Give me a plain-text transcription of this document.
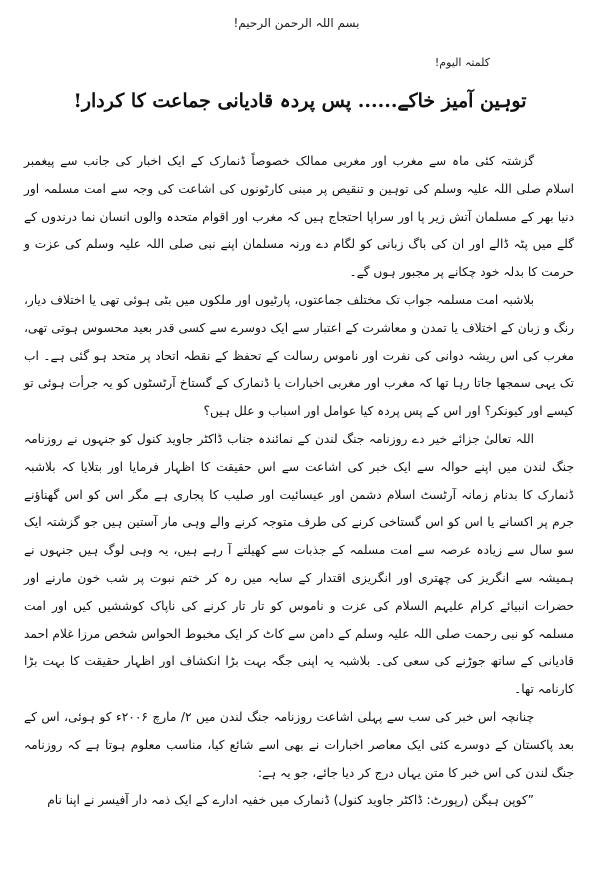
بسم اللہ الرحمن الرحیم!
کلمتہ الیوم!
توہین آمیز خاکے...... پس پردہ قادیانی جماعت کا کردار!

گزشتہ کئی ماہ سے مغرب اور مغربی ممالک خصوصاً ڈنمارک کے ایک اخبار کی جانب سے پیغمبر اسلام صلی اللہ علیہ وسلم کی توہین و تنقیص پر مبنی کارٹونوں کی اشاعت کی وجہ سے امت مسلمہ اور دنیا بھر کے مسلمان آتش زیر پا اور سراپا احتجاج ہیں کہ مغرب اور اقوام متحدہ والوں انسان نما درندوں کے گلے میں پٹہ ڈالے اور ان کی باگ زبانی کو لگام دے ورنہ مسلمان اپنے نبی صلی اللہ علیہ وسلم کی عزت و حرمت کا بدلہ خود چکانے پر مجبور ہوں گے۔

بلاشبہ امت مسلمہ جواب تک مختلف جماعتوں، پارٹیوں اور ملکوں میں بٹی ہوئی تھی یا اختلاف دیار، رنگ و زبان کے اختلاف یا تمدن و معاشرت کے اعتبار سے ایک دوسرے سے کسی قدر بعید محسوس ہوتی تھی، مغرب کی اس ریشہ دوانی کی نفرت اور ناموس رسالت کے تحفظ کے نقطہ اتحاد پر متحد ہو گئی ہے۔ اب تک یہی سمجھا جاتا رہا تھا کہ مغرب اور مغربی اخبارات یا ڈنمارک کے گستاخ آرٹسٹوں کو یہ جرأت ہوئی تو کیسے اور کیونکر؟ اور اس کے پس پردہ کیا عوامل اور اسباب و علل ہیں؟

اللہ تعالیٰ جزائے خیر دے روزنامہ جنگ لندن کے نمائندہ جناب ڈاکٹر جاوید کنول کو جنہوں نے روزنامہ جنگ لندن میں اپنے حوالہ سے ایک خبر کی اشاعت سے اس حقیقت کا اظہار فرمایا اور بتلایا کہ بلاشبہ ڈنمارک کا بدنام زمانہ آرٹسٹ اسلام دشمن اور عیسائیت اور صلیب کا پجاری ہے مگر اس کو اس گھناؤنے جرم پر اکسانے یا اس کو اس گستاخی کرنے کی طرف متوجہ کرنے والے وہی مار آستین ہیں جو گزشتہ ایک سو سال سے زیادہ عرصہ سے امت مسلمہ کے جذبات سے کھیلتے آ رہے ہیں، یہ وہی لوگ ہیں جنہوں نے ہمیشہ سے انگریز کی چھتری اور انگریزی اقتدار کے سایہ میں رہ کر ختم نبوت پر شب خون مارنے اور حضرات انبیائے کرام علیہم السلام کی عزت و ناموس کو تار تار کرنے کی ناپاک کوششیں کیں اور امت مسلمہ کو نبی رحمت صلی اللہ علیہ وسلم کے دامن سے کاٹ کر ایک مخبوط الحواس شخص مرزا غلام احمد قادیانی کے ساتھ جوڑنے کی سعی کی۔ بلاشبہ یہ اپنی جگہ بہت بڑا انکشاف اور اظہار حقیقت کا بہت بڑا کارنامہ تھا۔

چنانچہ اس خبر کی سب سے پہلی اشاعت روزنامہ جنگ لندن میں ۲/ مارچ ۲۰۰۶ء کو ہوئی، اس کے بعد پاکستان کے دوسرے کئی ایک معاصر اخبارات نے بھی اسے شائع کیا، مناسب معلوم ہوتا ہے کہ روزنامہ جنگ لندن کی اس خبر کا متن یہاں درج کر دیا جائے، جو یہ ہے:

”کوپن ہیگن (رپورٹ: ڈاکٹر جاوید کنول) ڈنمارک میں خفیہ ادارے کے ایک ذمہ دار آفیسر نے اپنا نام
